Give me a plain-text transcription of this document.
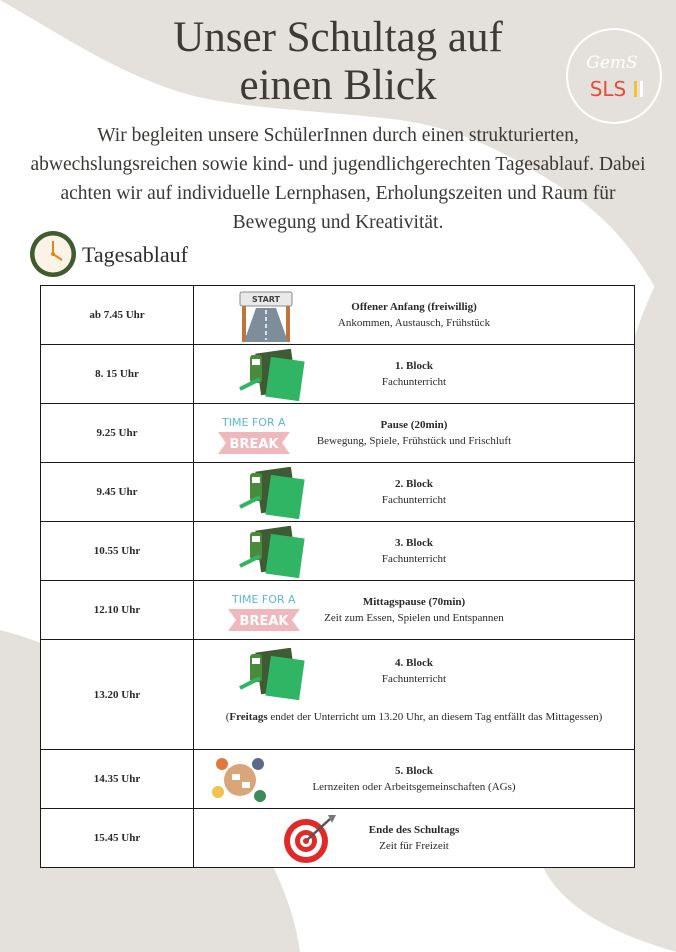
Unser Schultag auf
einen Blick	GemS
SLS

Wir begleiten unsere SchülerInnen durch einen strukturierten,
abwechslungsreichen sowie kind- und jugendlichgerechten Tagesablauf. Dabei
achten wir auf individuelle Lernphasen, Erholungszeiten und Raum für
Bewegung und Kreativität.

Tagesablauf
ab 7.45 Uhr	START
Offener Anfang (freiwillig)
Ankommen, Austausch, Frühstück

8. 15 Uhr	1. Block
Fachunterricht

9.25 Uhr	TIME FOR A
BREAK
Pause (20min)
Bewegung, Spiele, Frühstück und Frischluft

9.45 Uhr	2. Block
Fachunterricht

10.55 Uhr	3. Block
Fachunterricht

12.10 Uhr	TIME FOR A
BREAK
Mittagspause (70min)
Zeit zum Essen, Spielen und Entspannen

13.20 Uhr	4. Block
Fachunterricht
(Freitags endet der Unterricht um 13.20 Uhr, an diesem Tag entfällt das Mittagessen)

14.35 Uhr	5. Block
Lernzeiten oder Arbeitsgemeinschaften (AGs)

15.45 Uhr	Ende des Schultags
Zeit für Freizeit
